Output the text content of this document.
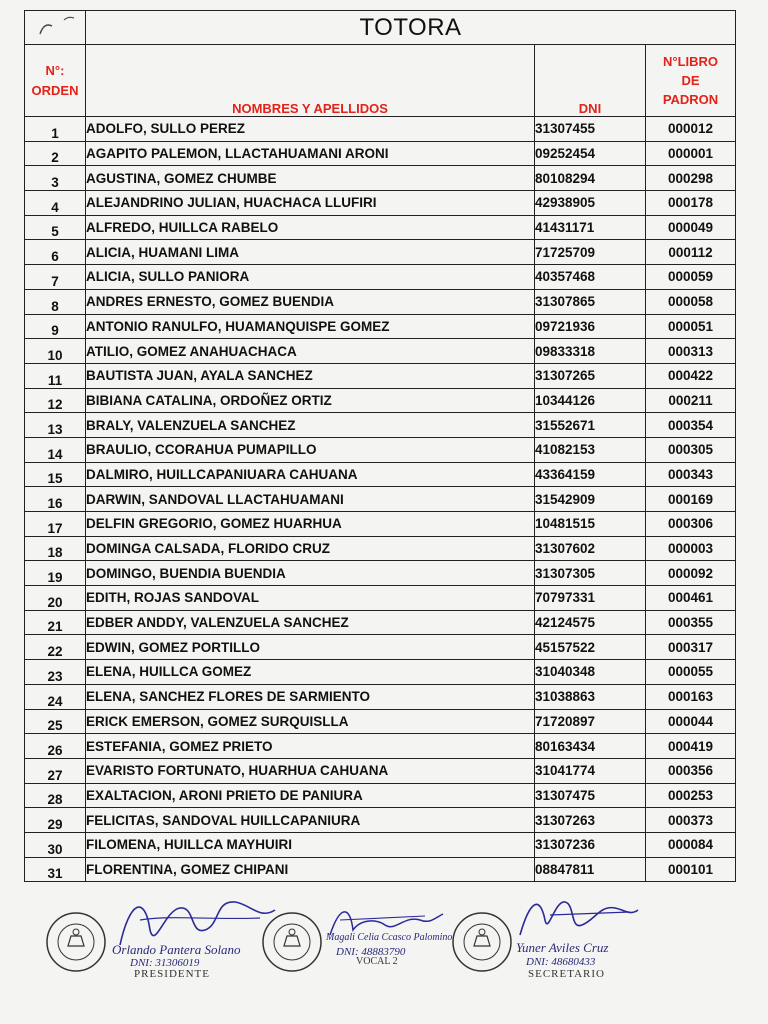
	TOTORA		
N°:
ORDEN	NOMBRES Y APELLIDOS	DNI	N°LIBRO
DE
PADRON
1	ADOLFO, SULLO PEREZ	31307455	000012
2	AGAPITO PALEMON, LLACTAHUAMANI ARONI	09252454	000001
3	AGUSTINA, GOMEZ CHUMBE	80108294	000298
4	ALEJANDRINO JULIAN, HUACHACA LLUFIRI	42938905	000178
5	ALFREDO, HUILLCA RABELO	41431171	000049
6	ALICIA, HUAMANI LIMA	71725709	000112
7	ALICIA, SULLO PANIORA	40357468	000059
8	ANDRES ERNESTO, GOMEZ BUENDIA	31307865	000058
9	ANTONIO RANULFO, HUAMANQUISPE GOMEZ	09721936	000051
10	ATILIO, GOMEZ ANAHUACHACA	09833318	000313
11	BAUTISTA JUAN, AYALA SANCHEZ	31307265	000422
12	BIBIANA CATALINA, ORDOÑEZ ORTIZ	10344126	000211
13	BRALY, VALENZUELA SANCHEZ	31552671	000354
14	BRAULIO, CCORAHUA PUMAPILLO	41082153	000305
15	DALMIRO, HUILLCAPANIUARA CAHUANA	43364159	000343
16	DARWIN, SANDOVAL LLACTAHUAMANI	31542909	000169
17	DELFIN GREGORIO, GOMEZ HUARHUA	10481515	000306
18	DOMINGA CALSADA, FLORIDO CRUZ	31307602	000003
19	DOMINGO, BUENDIA BUENDIA	31307305	000092
20	EDITH, ROJAS SANDOVAL	70797331	000461
21	EDBER ANDDY, VALENZUELA SANCHEZ	42124575	000355
22	EDWIN, GOMEZ PORTILLO	45157522	000317
23	ELENA, HUILLCA GOMEZ	31040348	000055
24	ELENA, SANCHEZ FLORES DE SARMIENTO	31038863	000163
25	ERICK EMERSON, GOMEZ SURQUISLLA	71720897	000044
26	ESTEFANIA, GOMEZ PRIETO	80163434	000419
27	EVARISTO FORTUNATO, HUARHUA CAHUANA	31041774	000356
28	EXALTACION, ARONI PRIETO DE PANIURA	31307475	000253
29	FELICITAS, SANDOVAL HUILLCAPANIURA	31307263	000373
30	FILOMENA, HUILLCA MAYHUIRI	31307236	000084
31	FLORENTINA, GOMEZ CHIPANI	08847811	000101
Orlando Pantera Solano
DNI: 31306019
PRESIDENTE
Magali Celia Ccasco Palomino
DNI: 48883790
VOCAL 2
Yuner Aviles Cruz
DNI: 48680433
SECRETARIO
